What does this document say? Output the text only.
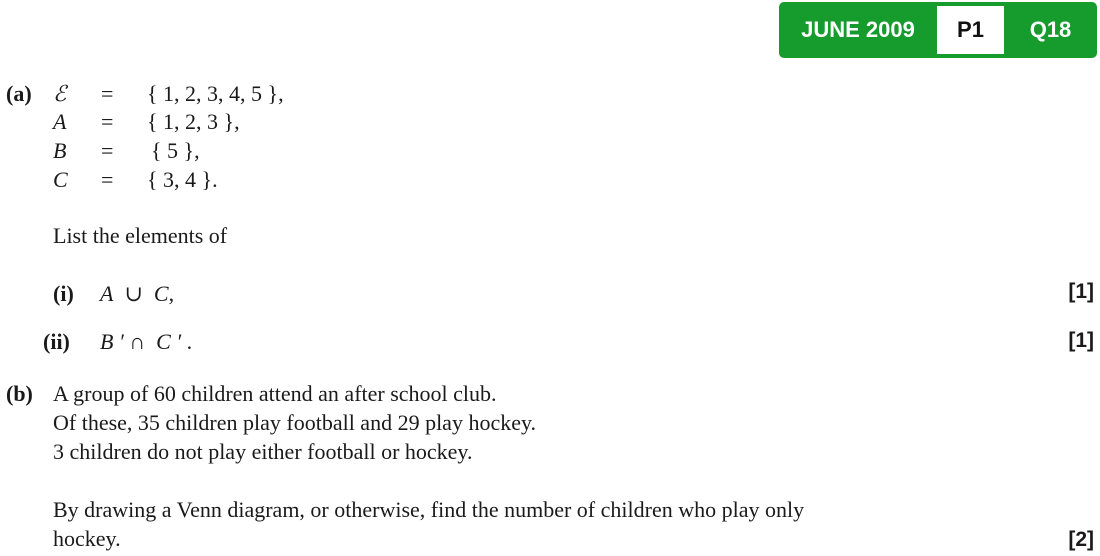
JUNE 2009	P1	Q18
(a) ℰ = { 1, 2, 3, 4, 5 },
A = { 1, 2, 3 },
B = { 5 },
C = { 3, 4 }.
List the elements of
(i) A ∪ C,	[1]
(ii) B ′ ∩ C ′ .	[1]
(b) A group of 60 children attend an after school club.
Of these, 35 children play football and 29 play hockey.
3 children do not play either football or hockey.
By drawing a Venn diagram, or otherwise, find the number of children who play only
hockey.	[2]
